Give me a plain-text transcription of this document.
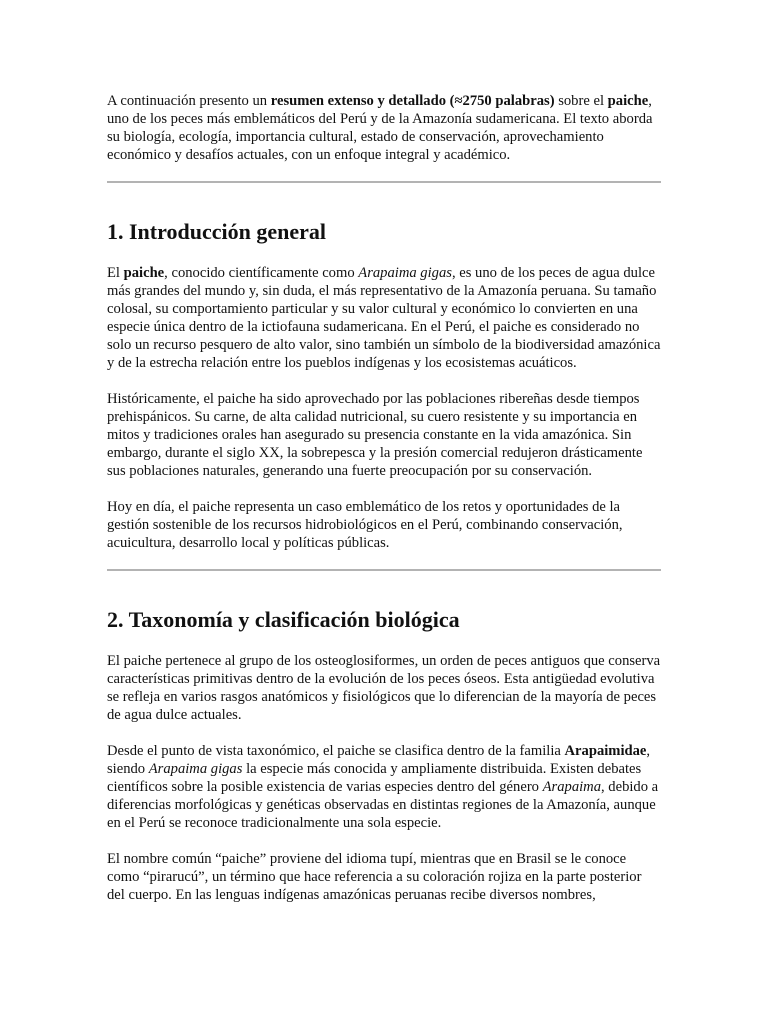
A continuación presento un resumen extenso y detallado (≈2750 palabras) sobre el paiche, uno de los peces más emblemáticos del Perú y de la Amazonía sudamericana. El texto aborda su biología, ecología, importancia cultural, estado de conservación, aprovechamiento económico y desafíos actuales, con un enfoque integral y académico.

1. Introducción general

El paiche, conocido científicamente como Arapaima gigas, es uno de los peces de agua dulce más grandes del mundo y, sin duda, el más representativo de la Amazonía peruana. Su tamaño colosal, su comportamiento particular y su valor cultural y económico lo convierten en una especie única dentro de la ictiofauna sudamericana. En el Perú, el paiche es considerado no solo un recurso pesquero de alto valor, sino también un símbolo de la biodiversidad amazónica y de la estrecha relación entre los pueblos indígenas y los ecosistemas acuáticos.

Históricamente, el paiche ha sido aprovechado por las poblaciones ribereñas desde tiempos prehispánicos. Su carne, de alta calidad nutricional, su cuero resistente y su importancia en mitos y tradiciones orales han asegurado su presencia constante en la vida amazónica. Sin embargo, durante el siglo XX, la sobrepesca y la presión comercial redujeron drásticamente sus poblaciones naturales, generando una fuerte preocupación por su conservación.

Hoy en día, el paiche representa un caso emblemático de los retos y oportunidades de la gestión sostenible de los recursos hidrobiológicos en el Perú, combinando conservación, acuicultura, desarrollo local y políticas públicas.

2. Taxonomía y clasificación biológica

El paiche pertenece al grupo de los osteoglosiformes, un orden de peces antiguos que conserva características primitivas dentro de la evolución de los peces óseos. Esta antigüedad evolutiva se refleja en varios rasgos anatómicos y fisiológicos que lo diferencian de la mayoría de peces de agua dulce actuales.

Desde el punto de vista taxonómico, el paiche se clasifica dentro de la familia Arapaimidae, siendo Arapaima gigas la especie más conocida y ampliamente distribuida. Existen debates científicos sobre la posible existencia de varias especies dentro del género Arapaima, debido a diferencias morfológicas y genéticas observadas en distintas regiones de la Amazonía, aunque en el Perú se reconoce tradicionalmente una sola especie.

El nombre común “paiche” proviene del idioma tupí, mientras que en Brasil se le conoce como “pirarucú”, un término que hace referencia a su coloración rojiza en la parte posterior del cuerpo. En las lenguas indígenas amazónicas peruanas recibe diversos nombres,
